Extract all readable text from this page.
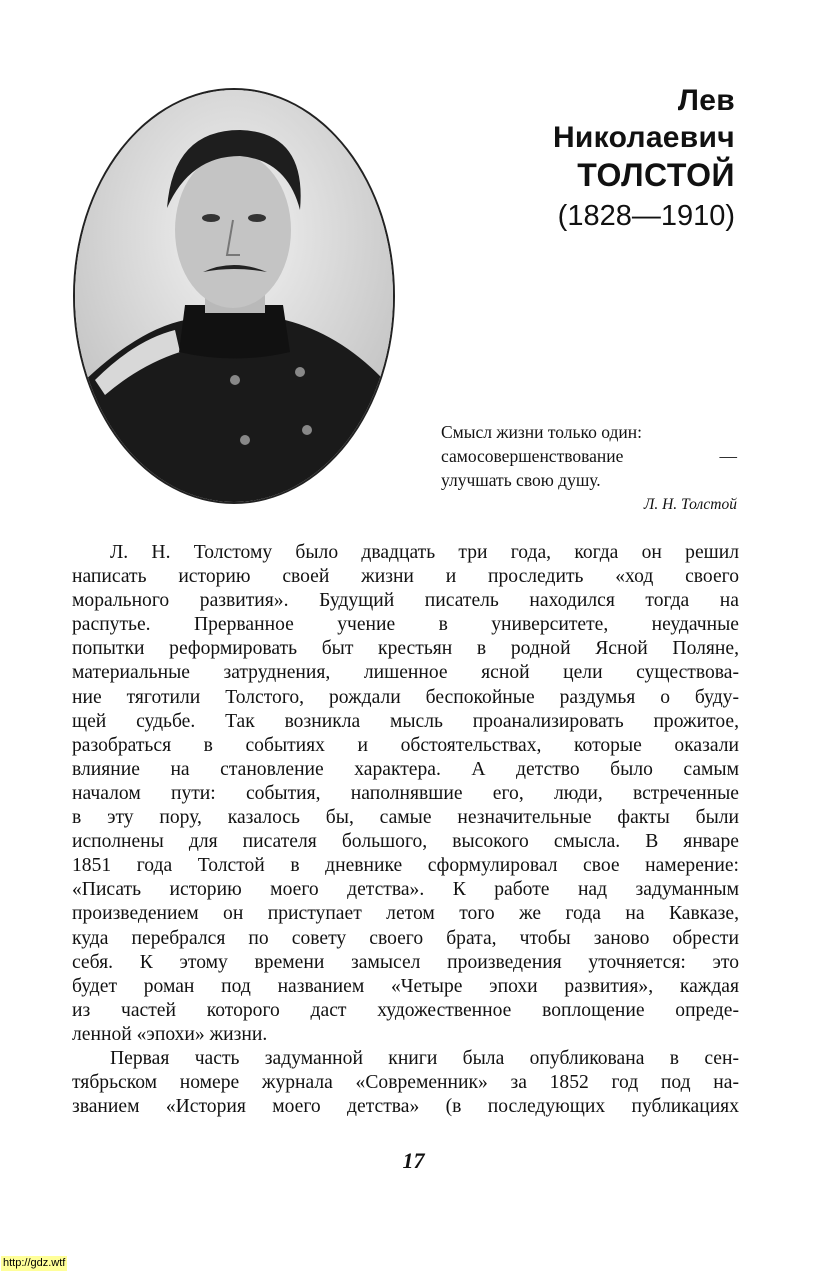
Лев
Николаевич
ТОЛСТОЙ
(1828—1910)
Смысл жизни только один:
самосовершенствование	—
улучшать свою душу.
Л. Н. Толстой

Л. Н. Толстому было двадцать три года, когда он решил
написать историю своей жизни и проследить «ход своего
морального развития». Будущий писатель находился тогда на
распутье. Прерванное учение в университете, неудачные
попытки реформировать быт крестьян в родной Ясной Поляне,
материальные затруднения, лишенное ясной цели существова-
ние тяготили Толстого, рождали беспокойные раздумья о буду-
щей судьбе. Так возникла мысль проанализировать прожитое,
разобраться в событиях и обстоятельствах, которые оказали
влияние на становление характера. А детство было самым
началом пути: события, наполнявшие его, люди, встреченные
в эту пору, казалось бы, самые незначительные факты были
исполнены для писателя большого, высокого смысла. В январе
1851 года Толстой в дневнике сформулировал свое намерение:
«Писать историю моего детства». К работе над задуманным
произведением он приступает летом того же года на Кавказе,
куда перебрался по совету своего брата, чтобы заново обрести
себя. К этому времени замысел произведения уточняется: это
будет роман под названием «Четыре эпохи развития», каждая
из частей которого даст художественное воплощение опреде-
ленной «эпохи» жизни.

Первая часть задуманной книги была опубликована в сен-
тябрьском номере журнала «Современник» за 1852 год под на-
званием «История моего детства» (в последующих публикациях

17
http://gdz.wtf
